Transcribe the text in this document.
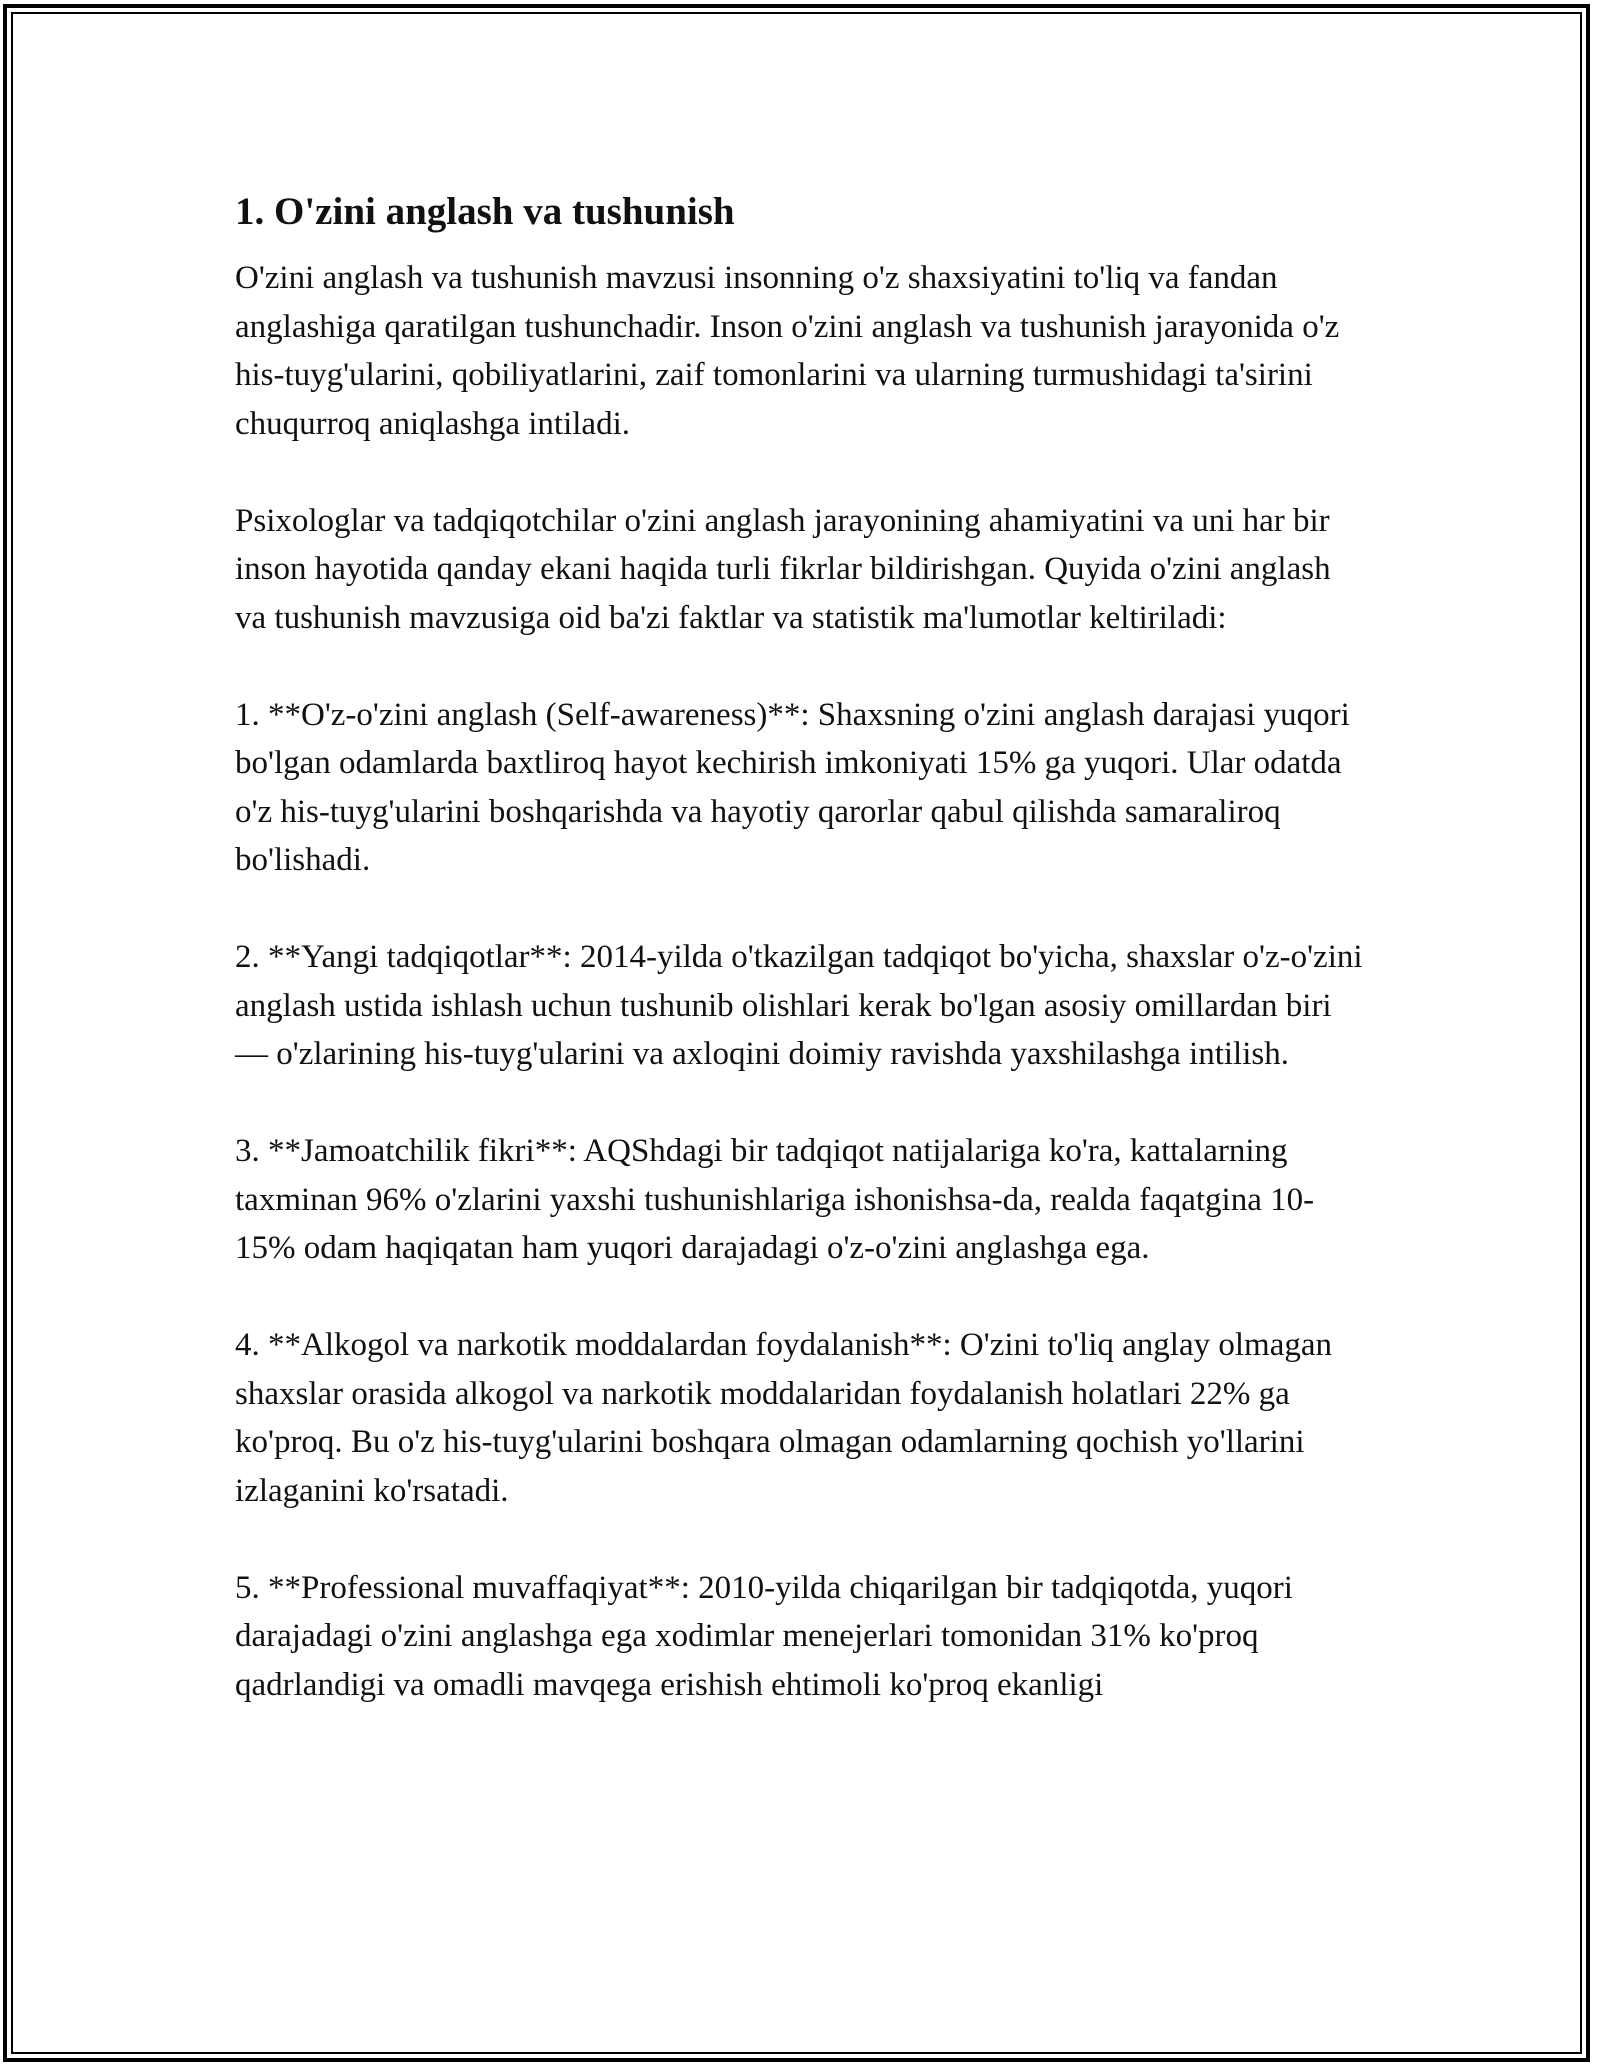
1. O'zini anglash va tushunish

O'zini anglash va tushunish mavzusi insonning o'z shaxsiyatini to'liq va fandan anglashiga qaratilgan tushunchadir. Inson o'zini anglash va tushunish jarayonida o'z his-tuyg'ularini, qobiliyatlarini, zaif tomonlarini va ularning turmushidagi ta'sirini chuqurroq aniqlashga intiladi.

Psixologlar va tadqiqotchilar o'zini anglash jarayonining ahamiyatini va uni har bir inson hayotida qanday ekani haqida turli fikrlar bildirishgan. Quyida o'zini anglash va tushunish mavzusiga oid ba'zi faktlar va statistik ma'lumotlar keltiriladi:

1. **O'z-o'zini anglash (Self-awareness)**: Shaxsning o'zini anglash darajasi yuqori bo'lgan odamlarda baxtliroq hayot kechirish imkoniyati 15% ga yuqori. Ular odatda o'z his-tuyg'ularini boshqarishda va hayotiy qarorlar qabul qilishda samaraliroq bo'lishadi.

2. **Yangi tadqiqotlar**: 2014-yilda o'tkazilgan tadqiqot bo'yicha, shaxslar o'z-o'zini anglash ustida ishlash uchun tushunib olishlari kerak bo'lgan asosiy omillardan biri — o'zlarining his-tuyg'ularini va axloqini doimiy ravishda yaxshilashga intilish.

3. **Jamoatchilik fikri**: AQShdagi bir tadqiqot natijalariga ko'ra, kattalarning taxminan 96% o'zlarini yaxshi tushunishlariga ishonishsa-da, realda faqatgina 10-15% odam haqiqatan ham yuqori darajadagi o'z-o'zini anglashga ega.

4. **Alkogol va narkotik moddalardan foydalanish**: O'zini to'liq anglay olmagan shaxslar orasida alkogol va narkotik moddalaridan foydalanish holatlari 22% ga ko'proq. Bu o'z his-tuyg'ularini boshqara olmagan odamlarning qochish yo'llarini izlaganini ko'rsatadi.

5. **Professional muvaffaqiyat**: 2010-yilda chiqarilgan bir tadqiqotda, yuqori darajadagi o'zini anglashga ega xodimlar menejerlari tomonidan 31% ko'proq qadrlandigi va omadli mavqega erishish ehtimoli ko'proq ekanligi
